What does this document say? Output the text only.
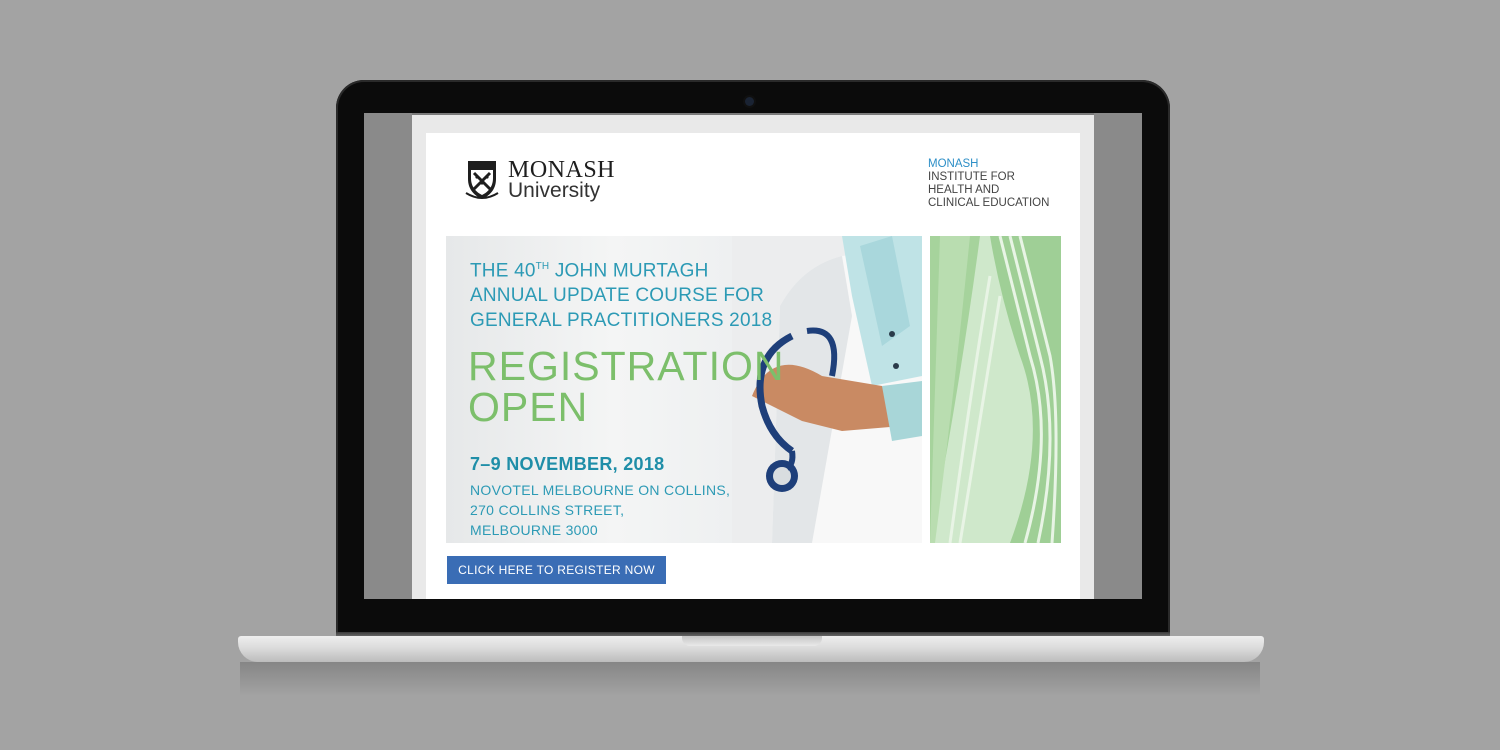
MONASH
University
MONASH
INSTITUTE FOR
HEALTH AND
CLINICAL EDUCATION
THE 40TH JOHN MURTAGH
ANNUAL UPDATE COURSE FOR
GENERAL PRACTITIONERS 2018
REGISTRATION
OPEN
7–9 NOVEMBER, 2018
NOVOTEL MELBOURNE ON COLLINS,
270 COLLINS STREET,
MELBOURNE 3000
CLICK HERE TO REGISTER NOW
